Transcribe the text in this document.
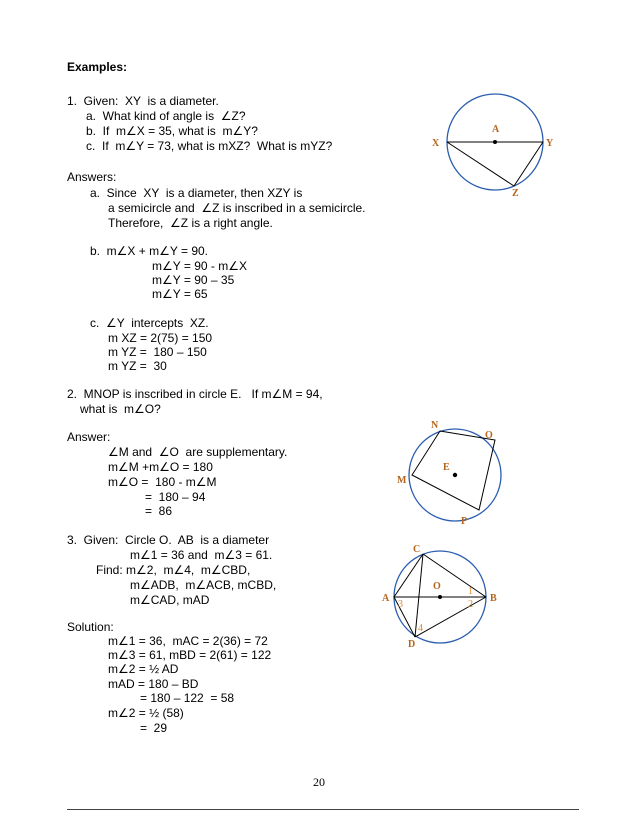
Examples:
1.  Given:  XY  is a diameter.
a.  What kind of angle is  ∠Z?
b.  If  m∠X = 35, what is  m∠Y?
c.  If  m∠Y = 73, what is mXZ?  What is mYZ?
Answers:
a.  Since  XY  is a diameter, then XZY is
a semicircle and  ∠Z is inscribed in a semicircle.
Therefore,  ∠Z is a right angle.
b.  m∠X + m∠Y = 90.
m∠Y = 90 - m∠X
m∠Y = 90 – 35
m∠Y = 65
c.  ∠Y  intercepts  XZ.
m XZ = 2(75) = 150
m YZ =  180 – 150
m YZ =  30
2.  MNOP is inscribed in circle E.   If m∠M = 94,
what is  m∠O?
Answer:
∠M and  ∠O  are supplementary.
m∠M +m∠O = 180
m∠O =  180 - m∠M
=  180 – 94
=  86
3.  Given:  Circle O.  AB  is a diameter
m∠1 = 36 and  m∠3 = 61.
Find: m∠2,  m∠4,  m∠CBD,
m∠ADB,  m∠ACB, mCBD,
m∠CAD, mAD
Solution:
m∠1 = 36,  mAC = 2(36) = 72
m∠3 = 61, mBD = 2(61) = 122
m∠2 = ½ AD
mAD = 180 – BD
= 180 – 122  = 58
m∠2 = ½ (58)
=  29
A
X	Y
Z
N
O
E
M
P
C
O
A	B
D
1
2
3
4
20
